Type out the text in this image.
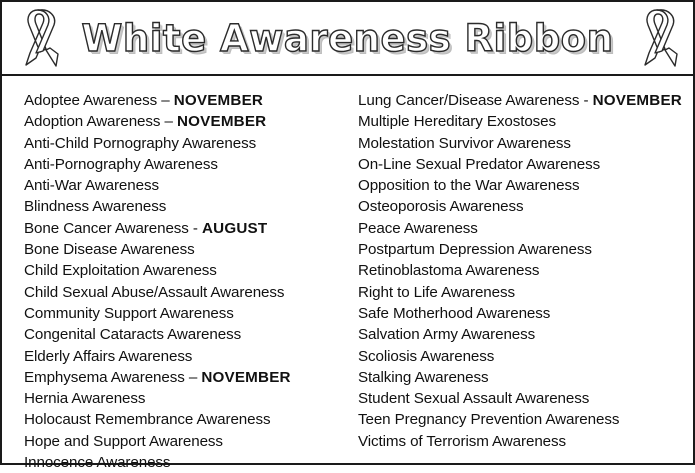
White Awareness Ribbon
Adoptee Awareness – NOVEMBER
Adoption Awareness – NOVEMBER
Anti-Child Pornography Awareness
Anti-Pornography Awareness
Anti-War Awareness
Blindness Awareness
Bone Cancer Awareness - AUGUST
Bone Disease Awareness
Child Exploitation Awareness
Child Sexual Abuse/Assault Awareness
Community Support Awareness
Congenital Cataracts Awareness
Elderly Affairs Awareness
Emphysema Awareness – NOVEMBER
Hernia Awareness
Holocaust Remembrance Awareness
Hope and Support Awareness
Innocence Awareness
Lung Cancer/Disease Awareness - NOVEMBER
Multiple Hereditary Exostoses
Molestation Survivor Awareness
On-Line Sexual Predator Awareness
Opposition to the War Awareness
Osteoporosis Awareness
Peace Awareness
Postpartum Depression Awareness
Retinoblastoma Awareness
Right to Life Awareness
Safe Motherhood Awareness
Salvation Army Awareness
Scoliosis Awareness
Stalking Awareness
Student Sexual Assault Awareness
Teen Pregnancy Prevention Awareness
Victims of Terrorism Awareness
